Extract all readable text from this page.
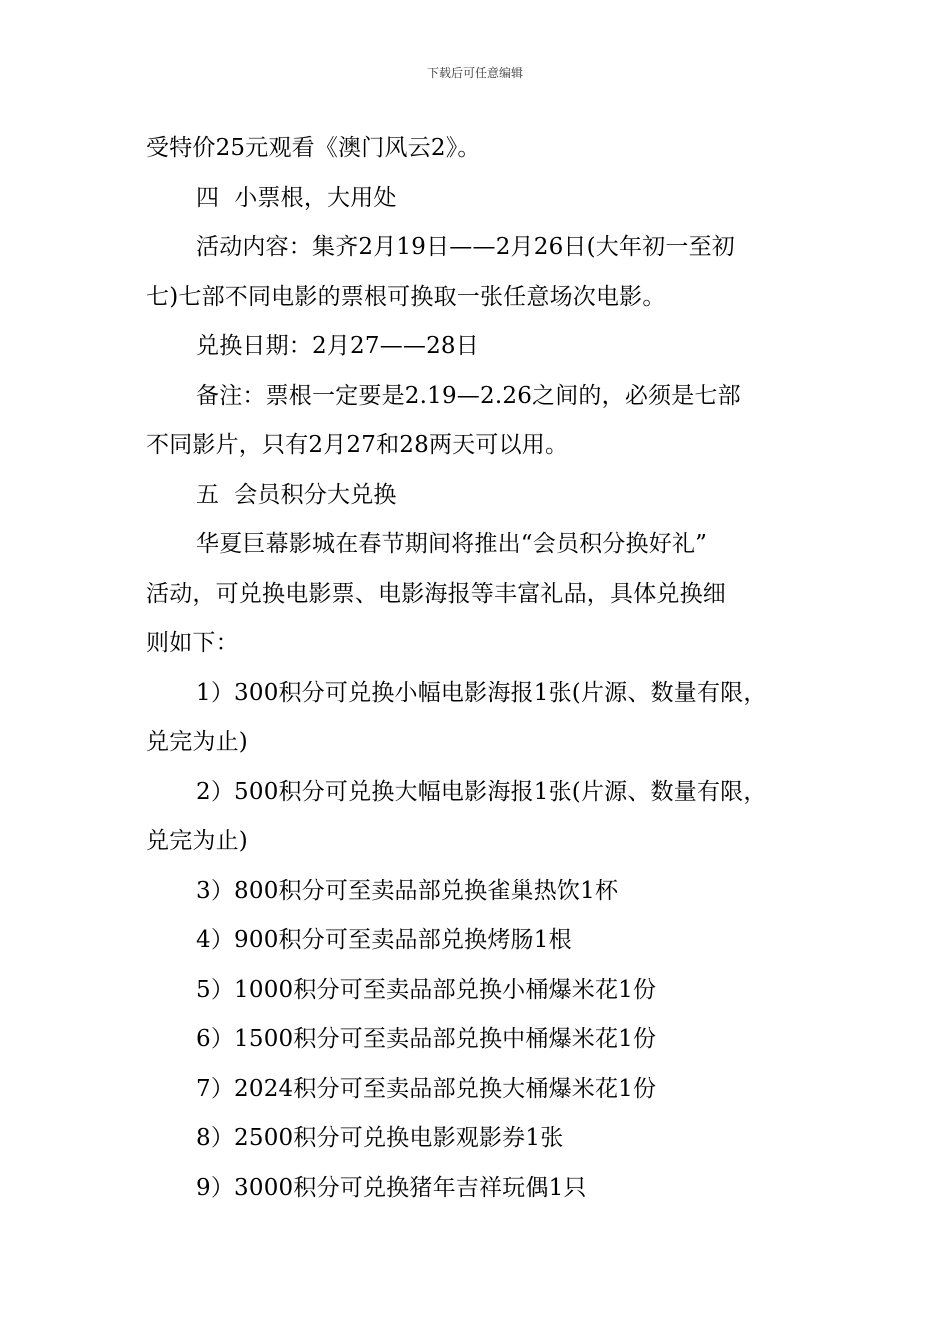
下载后可任意编辑

受特价25元观看《澳门风云2》。

四  小票根，大用处

活动内容：集齐2月19日——2月26日(大年初一至初

七)七部不同电影的票根可换取一张任意场次电影。

兑换日期：2月27——28日

备注：票根一定要是2.19—2.26之间的，必须是七部

不同影片，只有2月27和28两天可以用。

五  会员积分大兑换

华夏巨幕影城在春节期间将推出“会员积分换好礼”

活动，可兑换电影票、电影海报等丰富礼品，具体兑换细

则如下：

1）300积分可兑换小幅电影海报1张(片源、数量有限，

兑完为止)

2）500积分可兑换大幅电影海报1张(片源、数量有限，

兑完为止)

3）800积分可至卖品部兑换雀巢热饮1杯

4）900积分可至卖品部兑换烤肠1根

5）1000积分可至卖品部兑换小桶爆米花1份

6）1500积分可至卖品部兑换中桶爆米花1份

7）2024积分可至卖品部兑换大桶爆米花1份

8）2500积分可兑换电影观影券1张

9）3000积分可兑换猪年吉祥玩偶1只
